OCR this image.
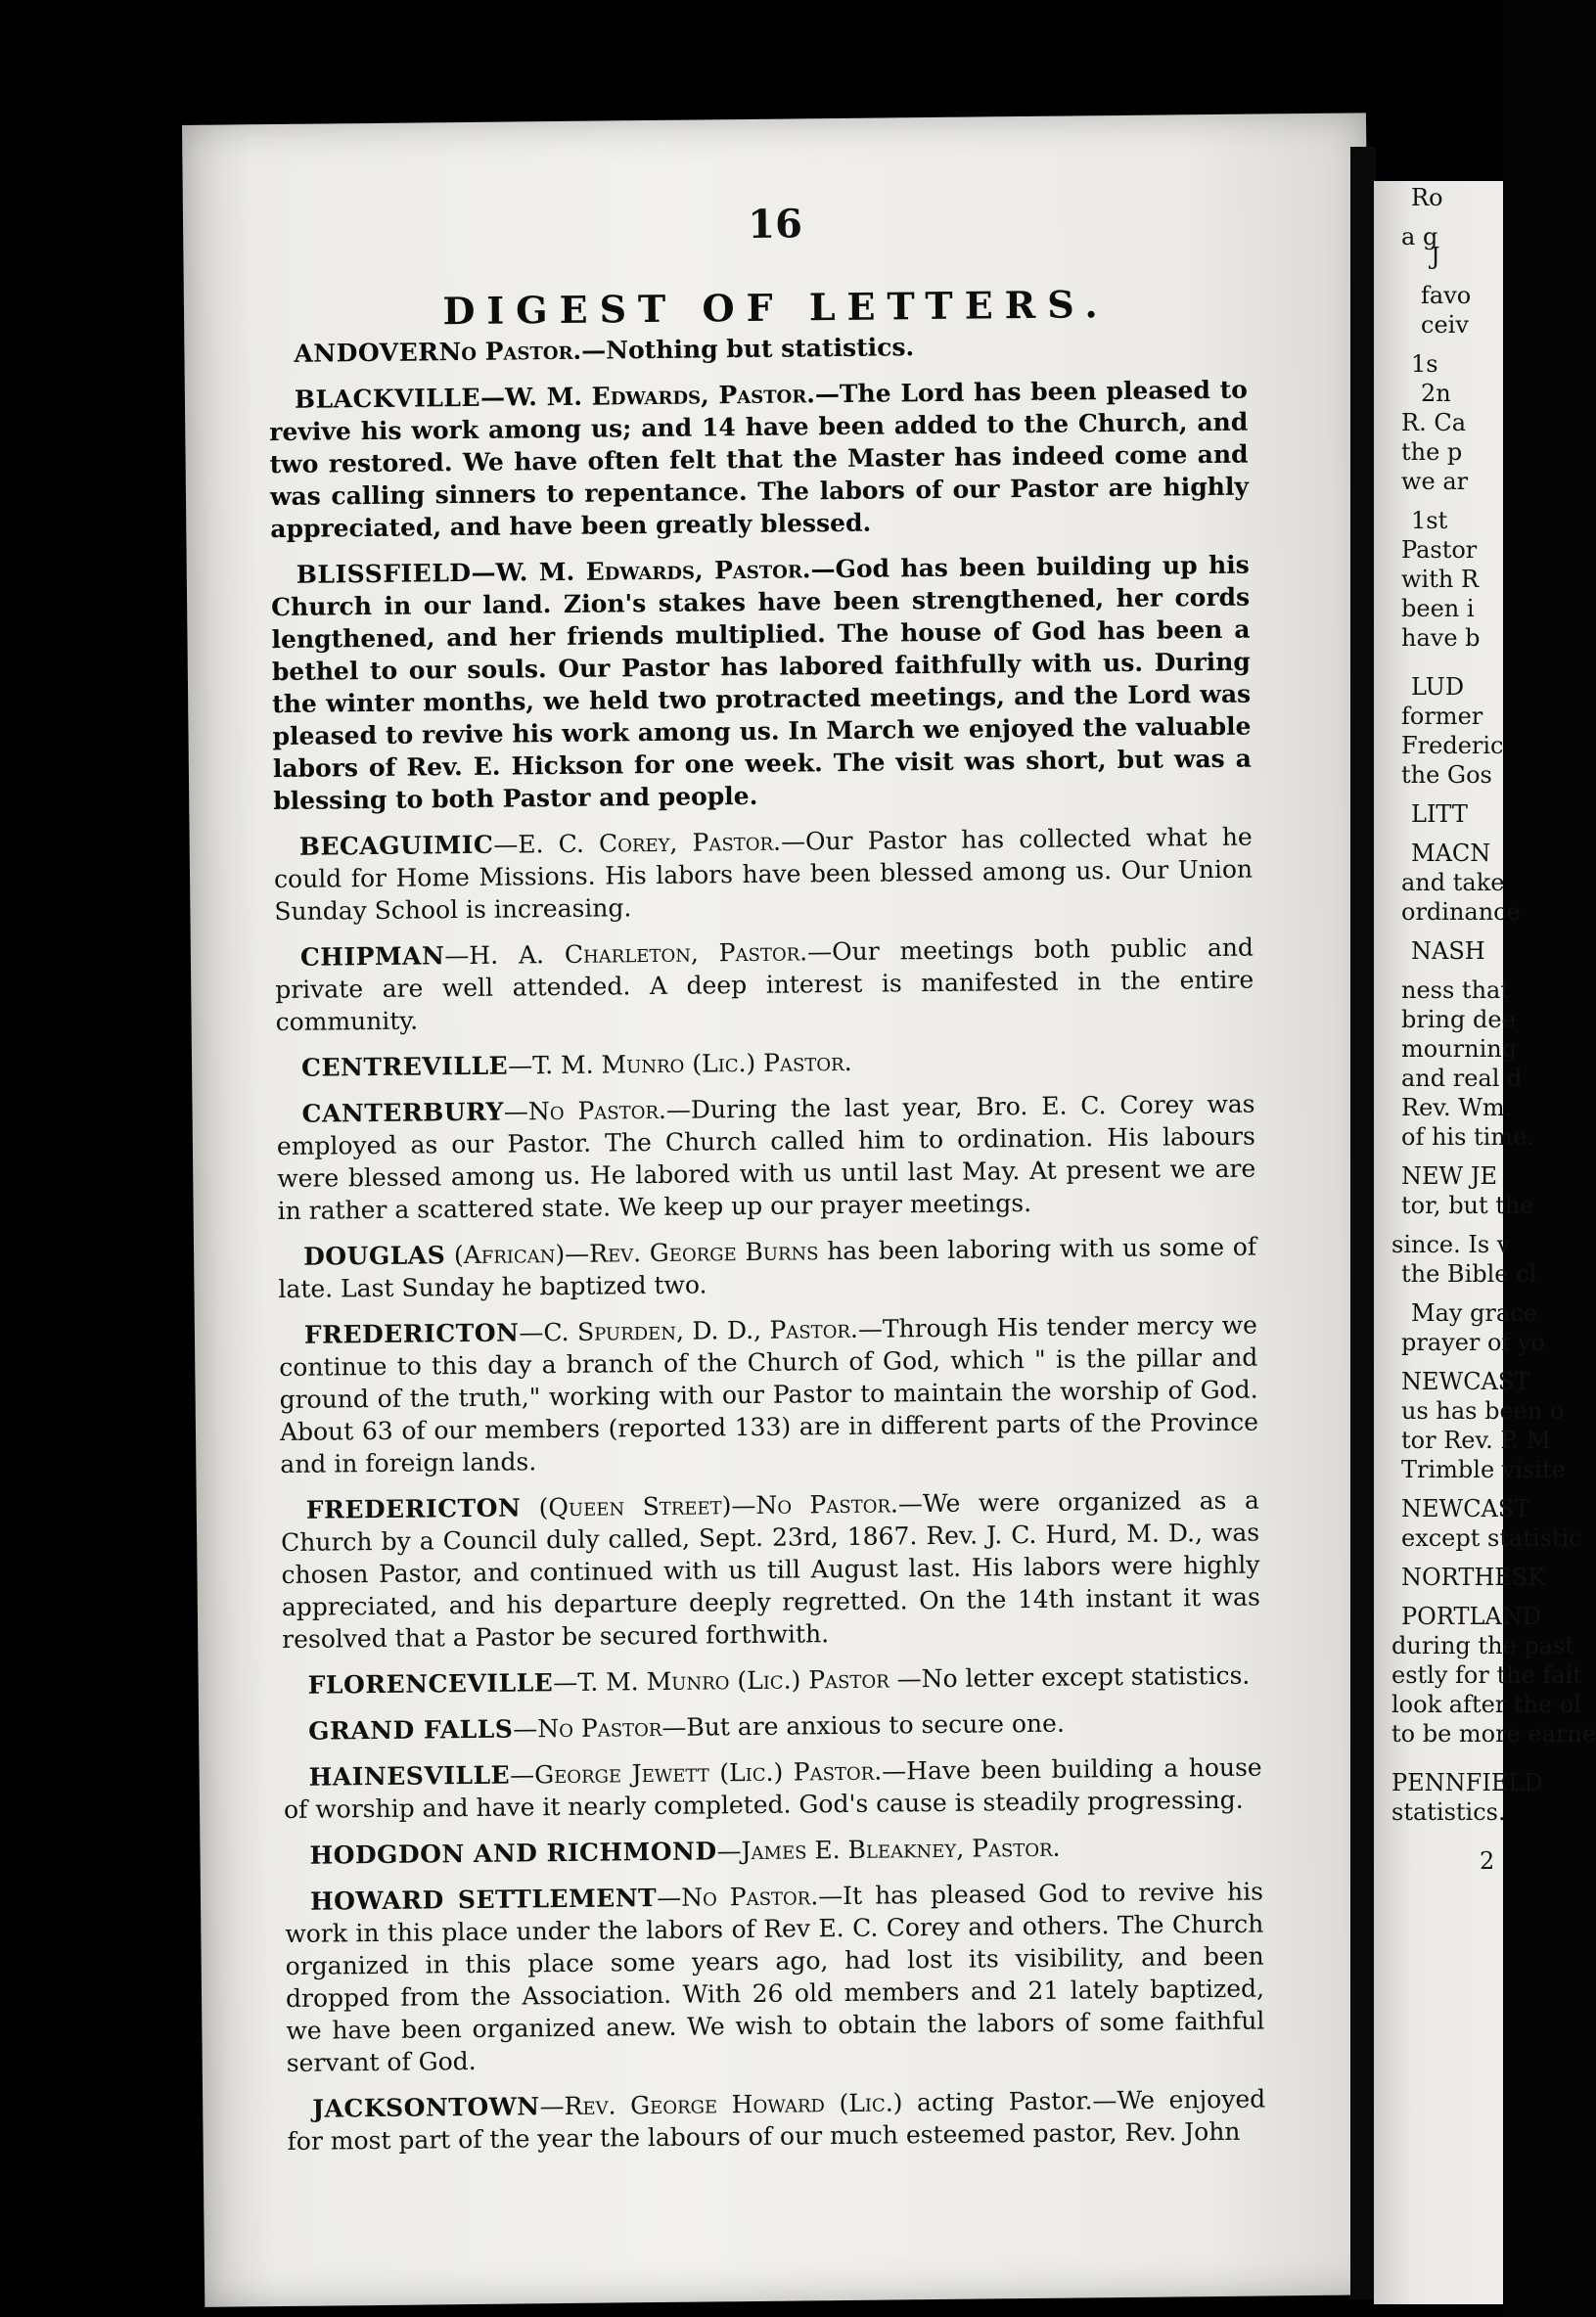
16
DIGEST OF LETTERS.

ANDOVERNo Pastor.—Nothing but statistics.

BLACKVILLE—W. M. Edwards, Pastor.—The Lord has been pleased to revive his work among us; and 14 have been added to the Church, and two restored. We have often felt that the Master has indeed come and was calling sinners to repentance. The labors of our Pastor are highly appreciated, and have been greatly blessed.

BLISSFIELD—W. M. Edwards, Pastor.—God has been building up his Church in our land. Zion's stakes have been strengthened, her cords lengthened, and her friends multiplied. The house of God has been a bethel to our souls. Our Pastor has labored faithfully with us. During the winter months, we held two protracted meetings, and the Lord was pleased to revive his work among us. In March we enjoyed the valuable labors of Rev. E. Hickson for one week. The visit was short, but was a blessing to both Pastor and people.

BECAGUIMIC—E. C. Corey, Pastor.—Our Pastor has collected what he could for Home Missions. His labors have been blessed among us. Our Union Sunday School is increasing.

CHIPMAN—H. A. Charleton, Pastor.—Our meetings both public and private are well attended. A deep interest is manifested in the entire community.

CENTREVILLE—T. M. Munro (Lic.) Pastor.

CANTERBURY—No Pastor.—During the last year, Bro. E. C. Corey was employed as our Pastor. The Church called him to ordination. His labours were blessed among us. He labored with us until last May. At present we are in rather a scattered state. We keep up our prayer meetings.

DOUGLAS (African)—Rev. George Burns has been laboring with us some of late. Last Sunday he baptized two.

FREDERICTON—C. Spurden, D. D., Pastor.—Through His tender mercy we continue to this day a branch of the Church of God, which " is the pillar and ground of the truth," working with our Pastor to maintain the worship of God. About 63 of our members (reported 133) are in different parts of the Province and in foreign lands.

FREDERICTON (Queen Street)—No Pastor.—We were organized as a Church by a Council duly called, Sept. 23rd, 1867. Rev. J. C. Hurd, M. D., was chosen Pastor, and continued with us till August last. His labors were highly appreciated, and his departure deeply regretted. On the 14th instant it was resolved that a Pastor be secured forthwith.

FLORENCEVILLE—T. M. Munro (Lic.) Pastor —No letter except statistics.

GRAND FALLS—No Pastor—But are anxious to secure one.

HAINESVILLE—George Jewett (Lic.) Pastor.—Have been building a house of worship and have it nearly completed. God's cause is steadily progressing.

HODGDON AND RICHMOND—James E. Bleakney, Pastor.

HOWARD SETTLEMENT—No Pastor.—It has pleased God to revive his work in this place under the labors of Rev E. C. Corey and others. The Church organized in this place some years ago, had lost its visibility, and been dropped from the Association. With 26 old members and 21 lately baptized, we have been organized anew. We wish to obtain the labors of some faithful servant of God.

JACKSONTOWN—Rev. George Howard (Lic.) acting Pastor.—We enjoyed for most part of the year the labours of our much esteemed pastor, Rev. John

Ro
a g
J
favo
ceiv
1s
2n
R. Ca
the p
we ar
1st
Pastor
with R
been i
have b
LUD
former
Frederic
the Gos
LITT
MACN
and take
ordinance
NASH
ness that
bring dee
mourning
and real d
Rev. Wm.
of his time.
NEW JE
tor, but the
since. Is v
the Bible cl
May grace
prayer of yo
NEWCAST
us has been o
tor Rev. P. M
Trimble visite
NEWCAST
except statistic
NORTHESK
PORTLAND
during the past
estly for the fait
look after the ol
to be more earne
PENNFIELD
statistics.
2
